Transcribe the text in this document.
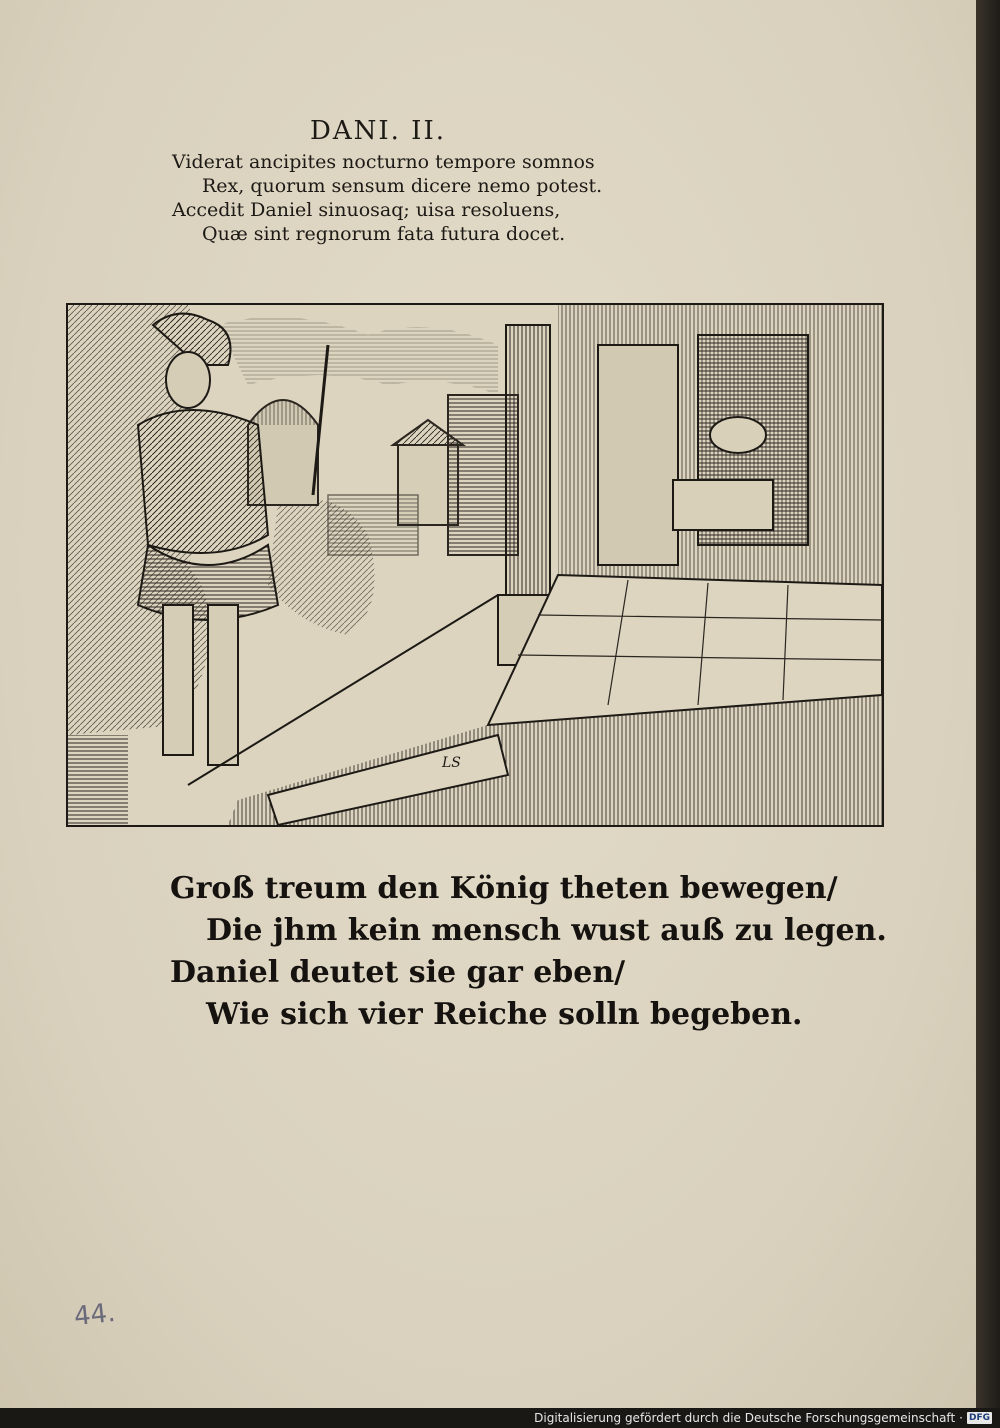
DANI. II.
Viderat ancipites nocturno tempore somnos
Rex, quorum sensum dicere nemo potest.
Accedit Daniel sinuosaq; uisa resoluens,
Quæ sint regnorum fata futura docet.
LS
Groß treum den König theten bewegen/
Die jhm kein mensch wust auß zu legen.
Daniel deutet sie gar eben/
Wie sich vier Reiche solln begeben.
44.
Digitalisierung gefördert durch die Deutsche Forschungsgemeinschaft · DFG
